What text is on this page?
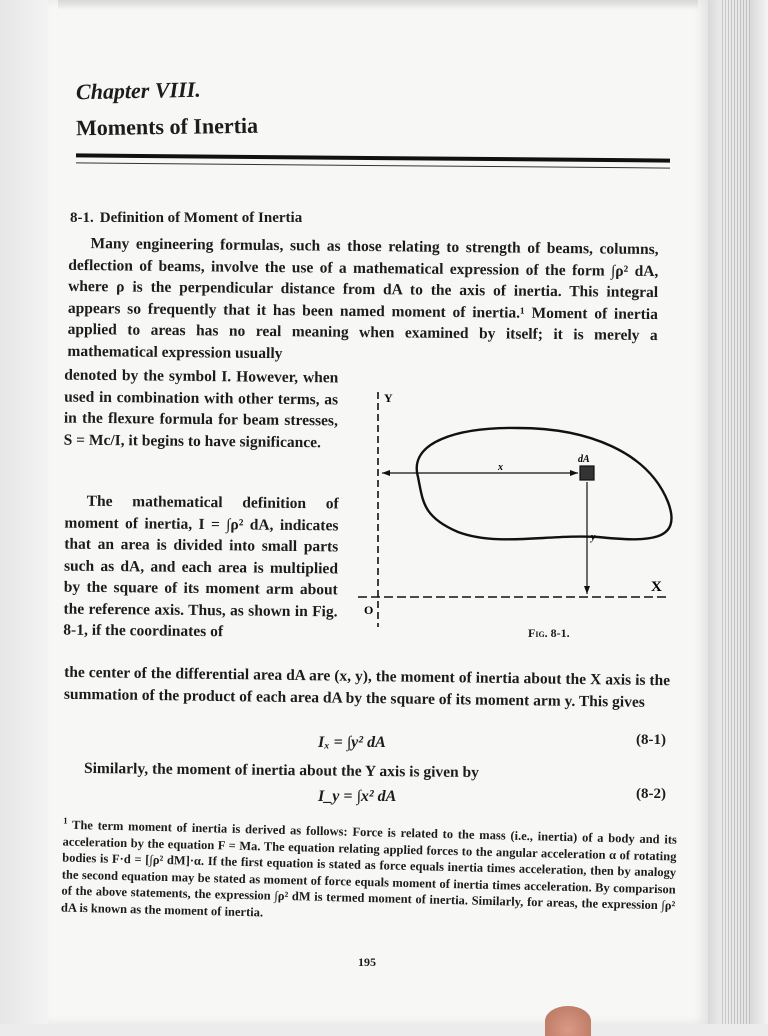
Chapter VIII.
Moments of Inertia
8-1. Definition of Moment of Inertia
Many engineering formulas, such as those relating to strength of beams, columns, deflection of beams, involve the use of a mathematical expression of the form ∫ρ² dA, where ρ is the perpendicular distance from dA to the axis of inertia. This integral appears so frequently that it has been named moment of inertia.¹ Moment of inertia applied to areas has no real meaning when examined by itself; it is merely a mathematical expression usually
denoted by the symbol I. However, when used in combination with other terms, as in the flexure formula for beam stresses, S = Mc/I, it begins to have significance.
The mathematical definition of moment of inertia, I = ∫ρ² dA, indicates that an area is divided into small parts such as dA, and each area is multiplied by the square of its moment arm about the reference axis. Thus, as shown in Fig. 8-1, if the coordinates of
the center of the differential area dA are (x, y), the moment of inertia about the X axis is the summation of the product of each area dA by the square of its moment arm y. This gives
Iₓ = ∫y² dA	(8-1)
Similarly, the moment of inertia about the Y axis is given by
I_y = ∫x² dA	(8-2)
Y
X
O
x
y
dA
Fig. 8-1.
$^1$ The term moment of inertia is derived as follows: Force is related to the mass (i.e., inertia) of a body and its acceleration by the equation F = Ma. The equation relating applied forces to the angular acceleration α of rotating bodies is F·d = [∫ρ² dM]·α. If the first equation is stated as force equals inertia times acceleration, then by analogy the second equation may be stated as moment of force equals moment of inertia times acceleration. By comparison of the above statements, the expression ∫ρ² dM is termed moment of inertia. Similarly, for areas, the expression ∫ρ² dA is known as the moment of inertia.
195
